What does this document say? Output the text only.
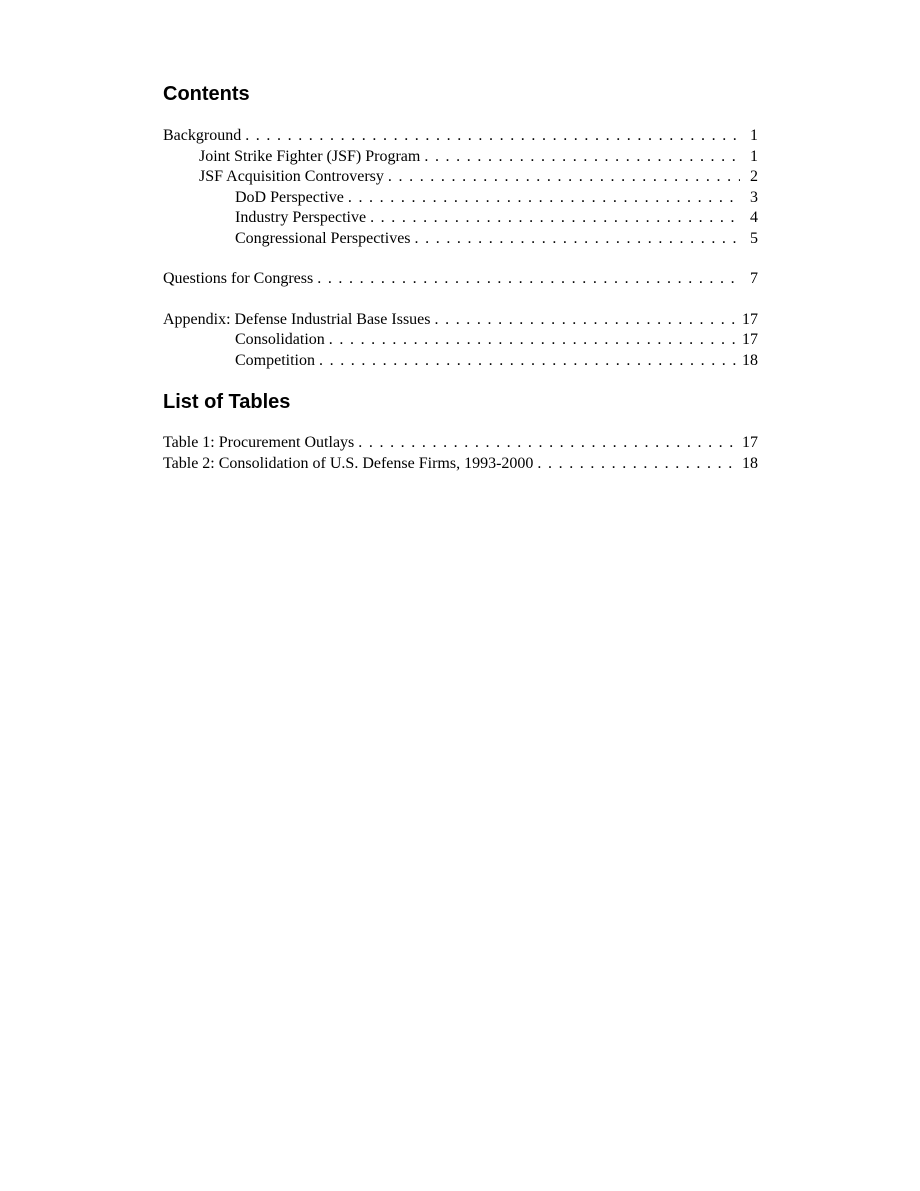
Contents
Background . . .	1
Joint Strike Fighter (JSF) Program . . .	1
JSF Acquisition Controversy . . .	2
DoD Perspective . . .	3
Industry Perspective . . .	4
Congressional Perspectives . . .	5
Questions for Congress . . .	7
Appendix: Defense Industrial Base Issues . . .	17
Consolidation . . .	17
Competition . . .	18
List of Tables
Table 1: Procurement Outlays . . .	17
Table 2: Consolidation of U.S. Defense Firms, 1993-2000 . . .	18
